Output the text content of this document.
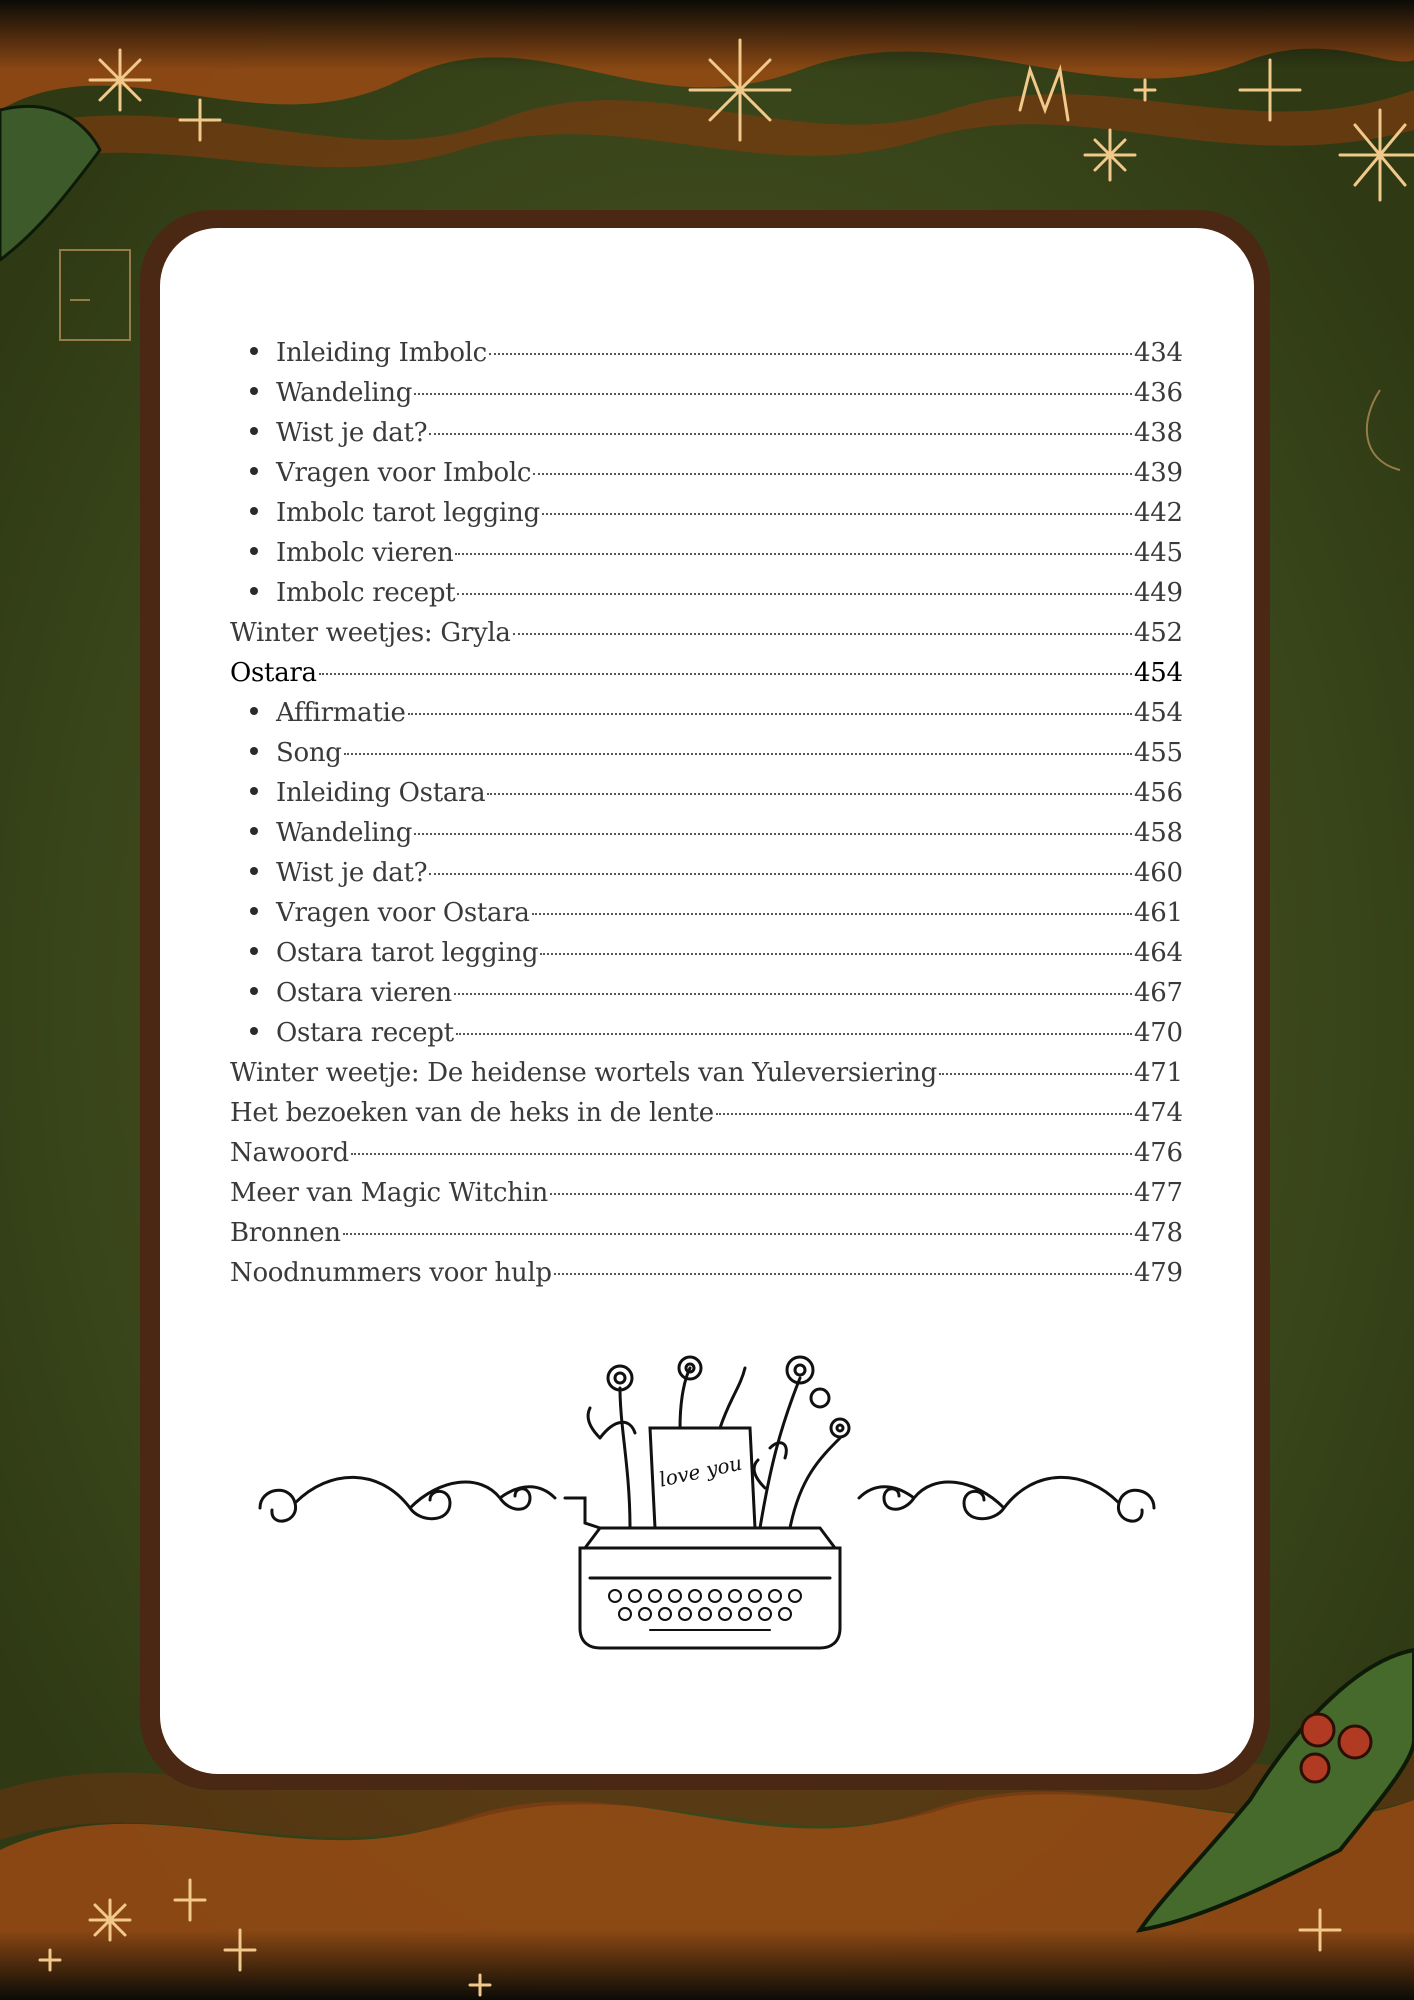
Inleiding Imbolc	434
Wandeling	436
Wist je dat?	438
Vragen voor Imbolc	439
Imbolc tarot legging	442
Imbolc vieren	445
Imbolc recept	449
Winter weetjes: Gryla	452
Ostara	454
Affirmatie	454
Song	455
Inleiding Ostara	456
Wandeling	458
Wist je dat?	460
Vragen voor Ostara	461
Ostara tarot legging	464
Ostara vieren	467
Ostara recept	470
Winter weetje: De heidense wortels van Yuleversiering	471
Het bezoeken van de heks in de lente	474
Nawoord	476
Meer van Magic Witchin	477
Bronnen	478
Noodnummers voor hulp	479
love you
